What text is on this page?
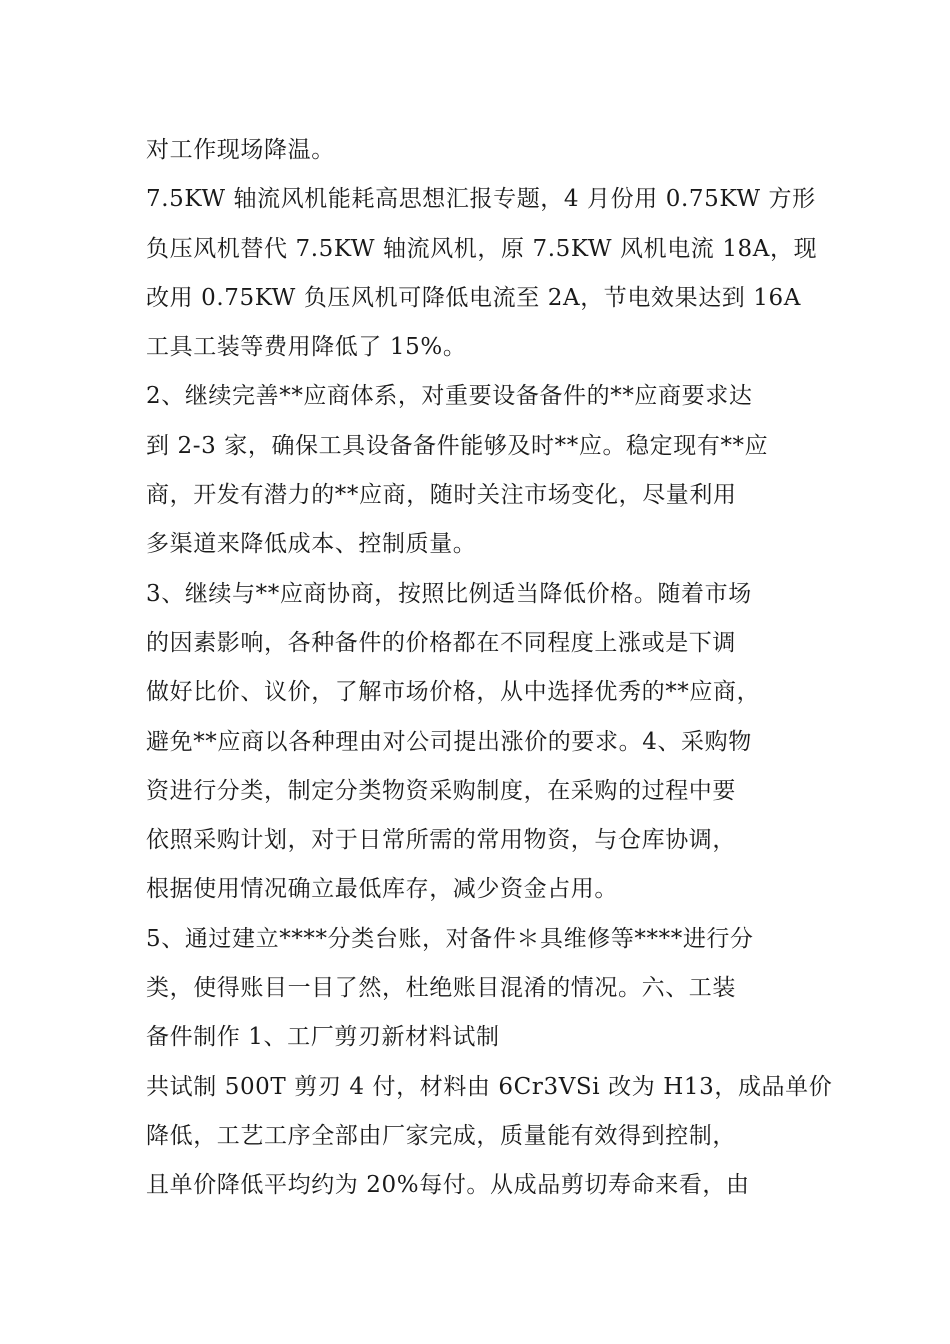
对工作现场降温。
7.5KW 轴流风机能耗高思想汇报专题，4 月份用 0.75KW 方形
负压风机替代 7.5KW 轴流风机，原 7.5KW 风机电流 18A，现
改用 0.75KW 负压风机可降低电流至 2A，节电效果达到 16A
工具工装等费用降低了 15%。
2、继续完善**应商体系，对重要设备备件的**应商要求达
到 2-3 家，确保工具设备备件能够及时**应。稳定现有**应
商，开发有潜力的**应商，随时关注市场变化，尽量利用
多渠道来降低成本、控制质量。
3、继续与**应商协商，按照比例适当降低价格。随着市场
的因素影响，各种备件的价格都在不同程度上涨或是下调
做好比价、议价，了解市场价格，从中选择优秀的**应商，
避免**应商以各种理由对公司提出涨价的要求。4、采购物
资进行分类，制定分类物资采购制度，在采购的过程中要
依照采购计划，对于日常所需的常用物资，与仓库协调，
根据使用情况确立最低库存，减少资金占用。
5、通过建立****分类台账，对备件＊具维修等****进行分
类，使得账目一目了然，杜绝账目混淆的情况。六、工装
备件制作 1、工厂剪刃新材料试制
共试制 500T 剪刃 4 付，材料由 6Cr3VSi 改为 H13，成品单价
降低，工艺工序全部由厂家完成，质量能有效得到控制，
且单价降低平均约为 20%每付。从成品剪切寿命来看，由
